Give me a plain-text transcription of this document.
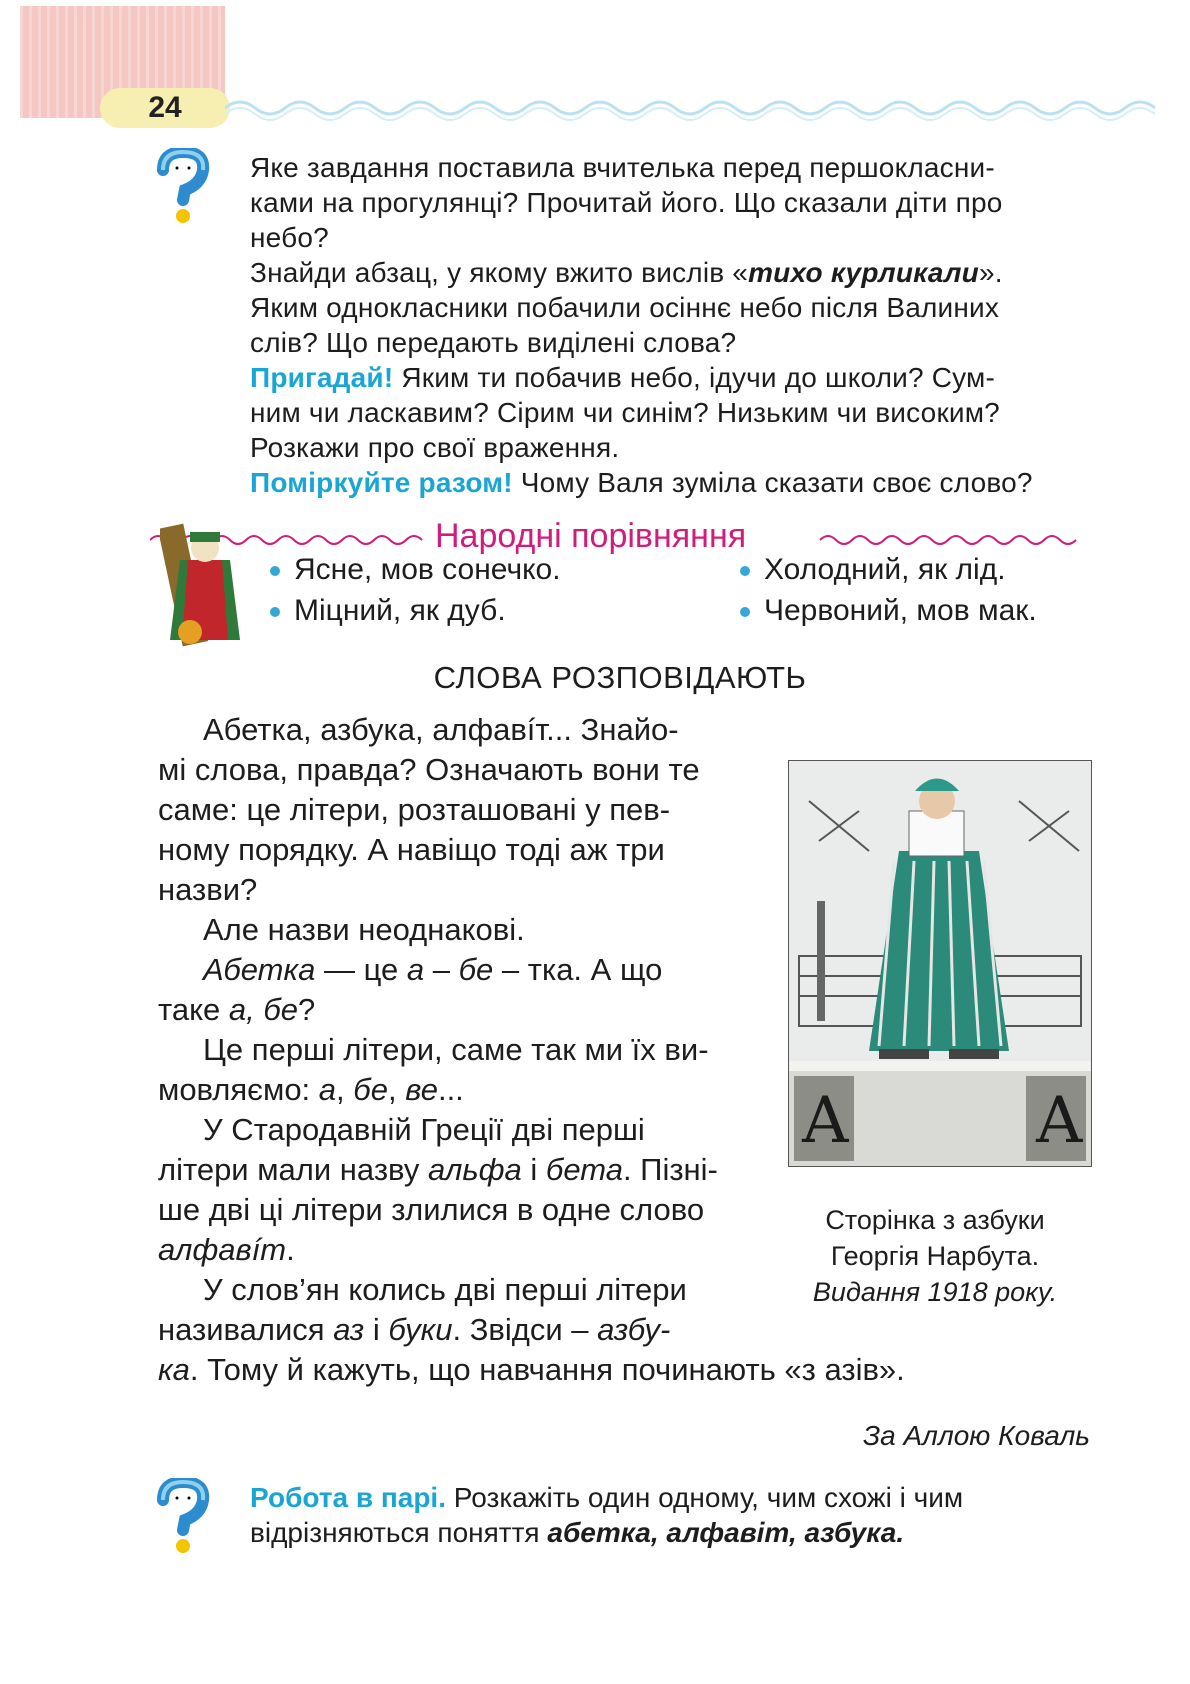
24

Яке завдання поставила вчителька перед першокласни-

ками на прогулянці? Прочитай його. Що сказали діти про

небо?

Знайди абзац, у якому вжито вислів «тихо курликали».

Яким однокласники побачили осіннє небо після Валиних

слів? Що передають виділені слова?

Пригадай! Яким ти побачив небо, ідучи до школи? Сум-

ним чи ласкавим? Сірим чи синім? Низьким чи високим?

Розкажи про свої враження.

Поміркуйте разом! Чому Валя зуміла сказати своє слово?

Народні порівняння
Ясне, мов сонечко.
Міцний, як дуб.
Холодний, як лід.
Червоний, мов мак.
СЛОВА РОЗПОВІДАЮТЬ

Абетка, азбука, алфавíт... Знайо-

мі слова, правда? Означають вони те

саме: це літери, розташовані у пев-

ному порядку. А навіщо тоді аж три

назви?

Але назви неоднакові.

Абетка — це а – бе – тка. А що

таке а, бе?

Це перші літери, саме так ми їх ви-

мовляємо: а, бе, ве...

У Стародавній Греції дві перші

літери мали назву альфа і бета. Пізні-

ше дві ці літери злилися в одне слово

алфавíт.

У слов’ян колись дві перші літери

називалися аз і буки. Звідси – азбу-

ка. Тому й кажуть, що навчання починають «з азів».
За Аллою Коваль
А	А
Сторінка з азбуки
Георгія Нарбута.
Видання 1918 року.
Робота в парі. Розкажіть один одному, чим схожі і чим
відрізняються поняття абетка, алфавіт, азбука.
